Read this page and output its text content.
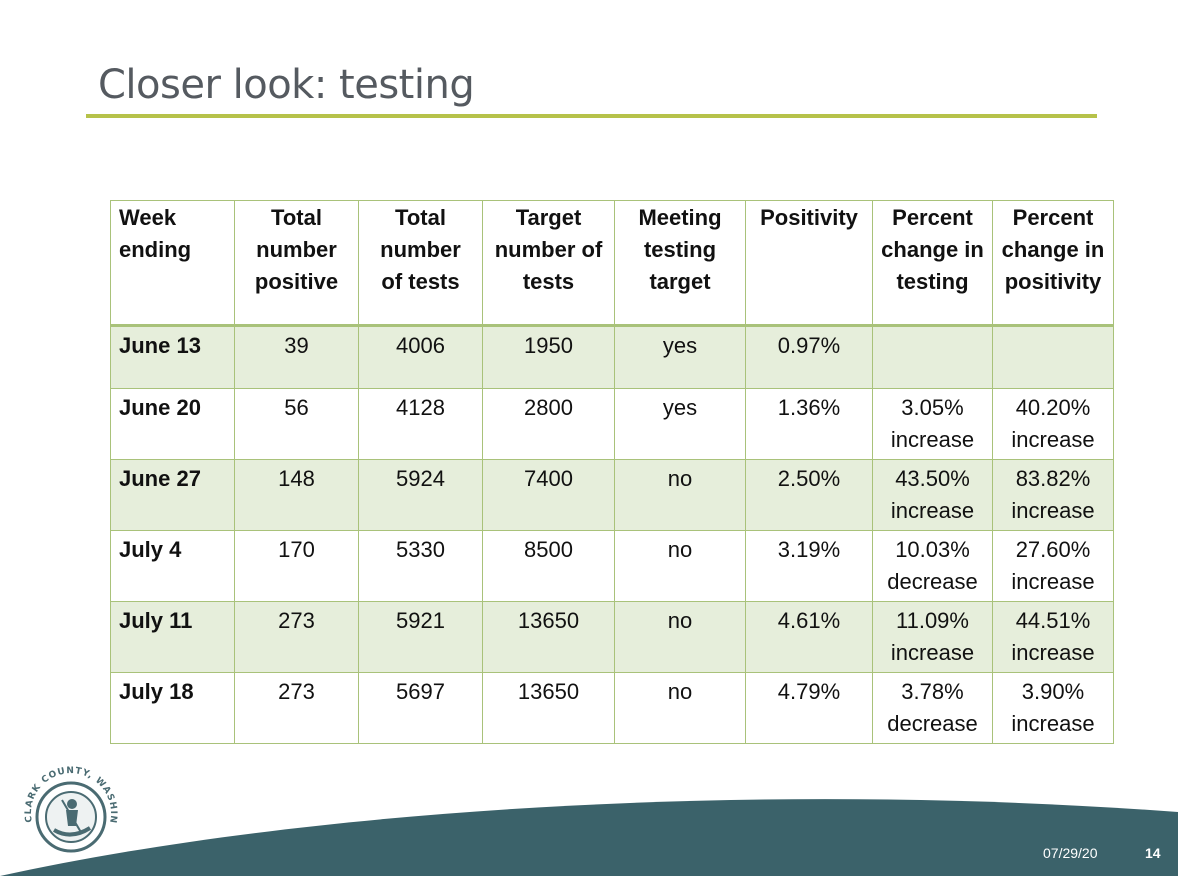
Closer look: testing
Week ending	Total number positive	Total number of tests	Target number of tests	Meeting testing target	Positivity	Percent change in testing	Percent change in positivity
June 13	39	4006	1950	yes	0.97%		
June 20	56	4128	2800	yes	1.36%	3.05% increase	40.20% increase
June 27	148	5924	7400	no	2.50%	43.50% increase	83.82% increase
July 4	170	5330	8500	no	3.19%	10.03% decrease	27.60% increase
July 11	273	5921	13650	no	4.61%	11.09% increase	44.51% increase
July 18	273	5697	13650	no	4.79%	3.78% decrease	3.90% increase
CLARK COUNTY, WASHIN
07/29/20	14
